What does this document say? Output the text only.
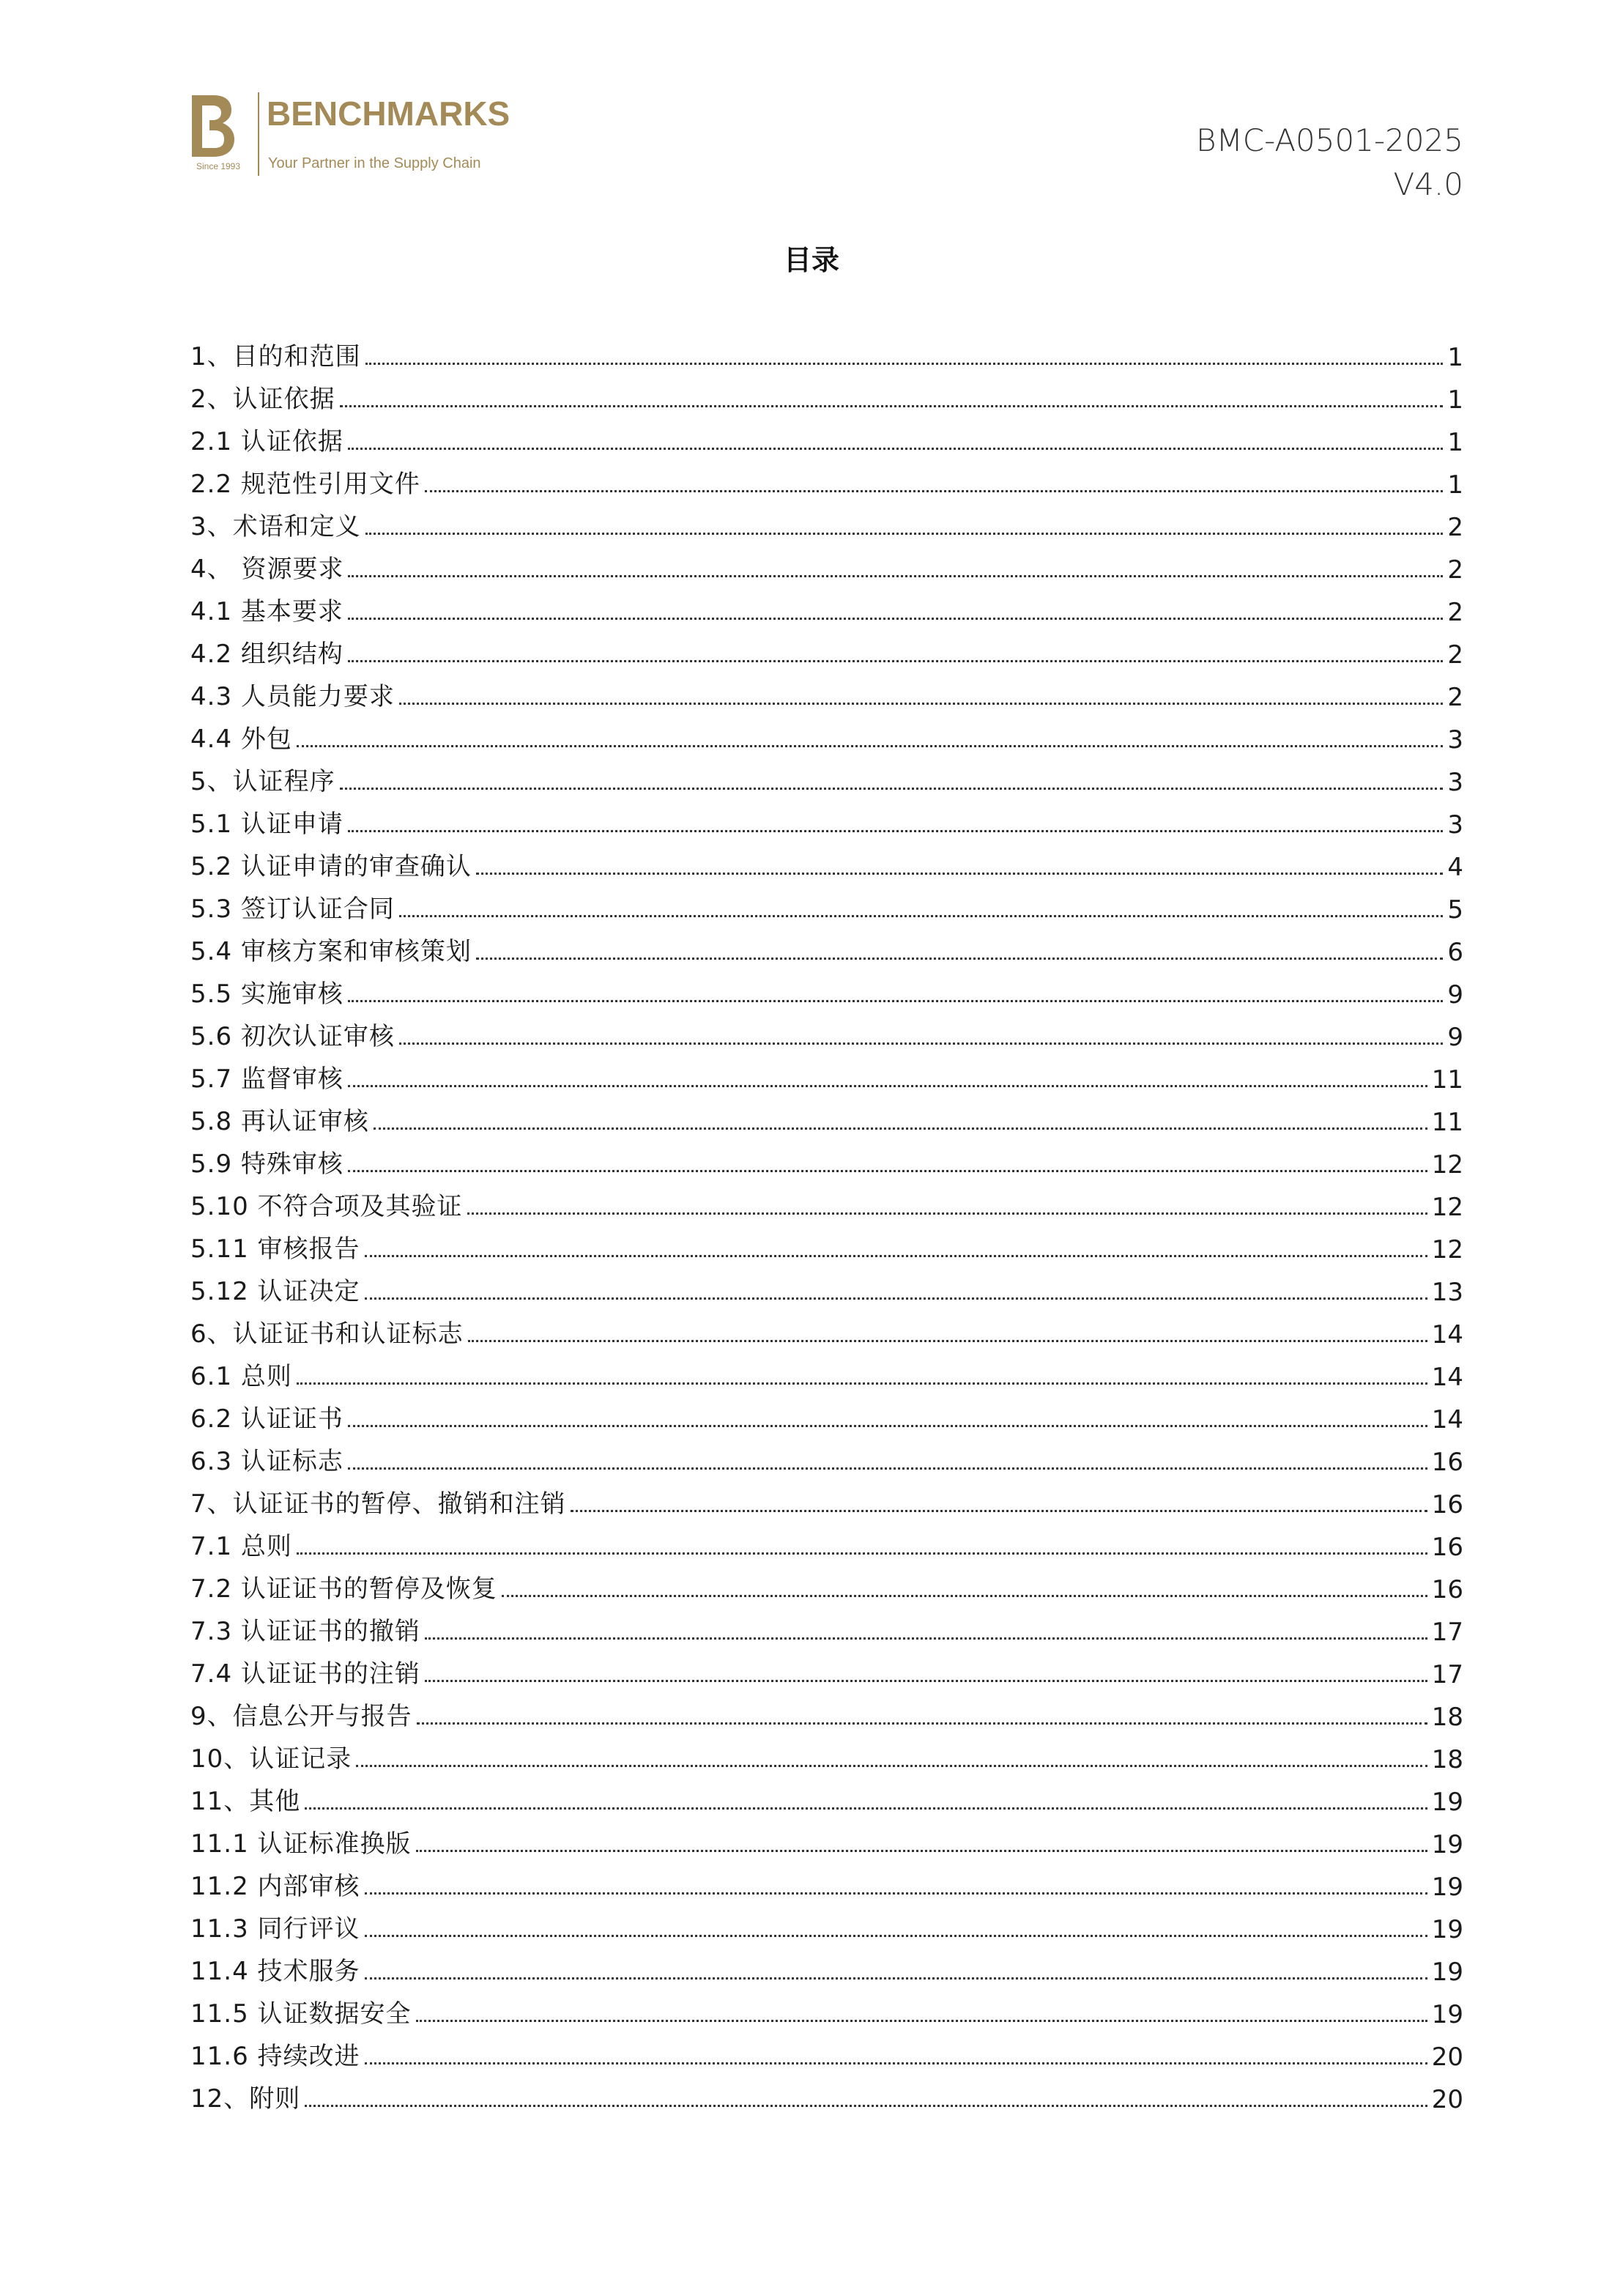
Since 1993
BENCHMARKS
Your Partner in the Supply Chain
BMC-A0501-2025
V4.0
目录
1、目的和范围	1
2、认证依据	1
2.1 认证依据	1
2.2 规范性引用文件	1
3、术语和定义	2
4、 资源要求	2
4.1 基本要求	2
4.2 组织结构	2
4.3 人员能力要求	2
4.4 外包	3
5、认证程序	3
5.1 认证申请	3
5.2 认证申请的审查确认	4
5.3 签订认证合同	5
5.4 审核方案和审核策划	6
5.5 实施审核	9
5.6 初次认证审核	9
5.7 监督审核	11
5.8 再认证审核	11
5.9 特殊审核	12
5.10 不符合项及其验证	12
5.11 审核报告	12
5.12 认证决定	13
6、认证证书和认证标志	14
6.1 总则	14
6.2 认证证书	14
6.3 认证标志	16
7、认证证书的暂停、撤销和注销	16
7.1 总则	16
7.2 认证证书的暂停及恢复	16
7.3 认证证书的撤销	17
7.4 认证证书的注销	17
9、信息公开与报告	18
10、认证记录	18
11、其他	19
11.1 认证标准换版	19
11.2 内部审核	19
11.3 同行评议	19
11.4 技术服务	19
11.5 认证数据安全	19
11.6 持续改进	20
12、附则	20
